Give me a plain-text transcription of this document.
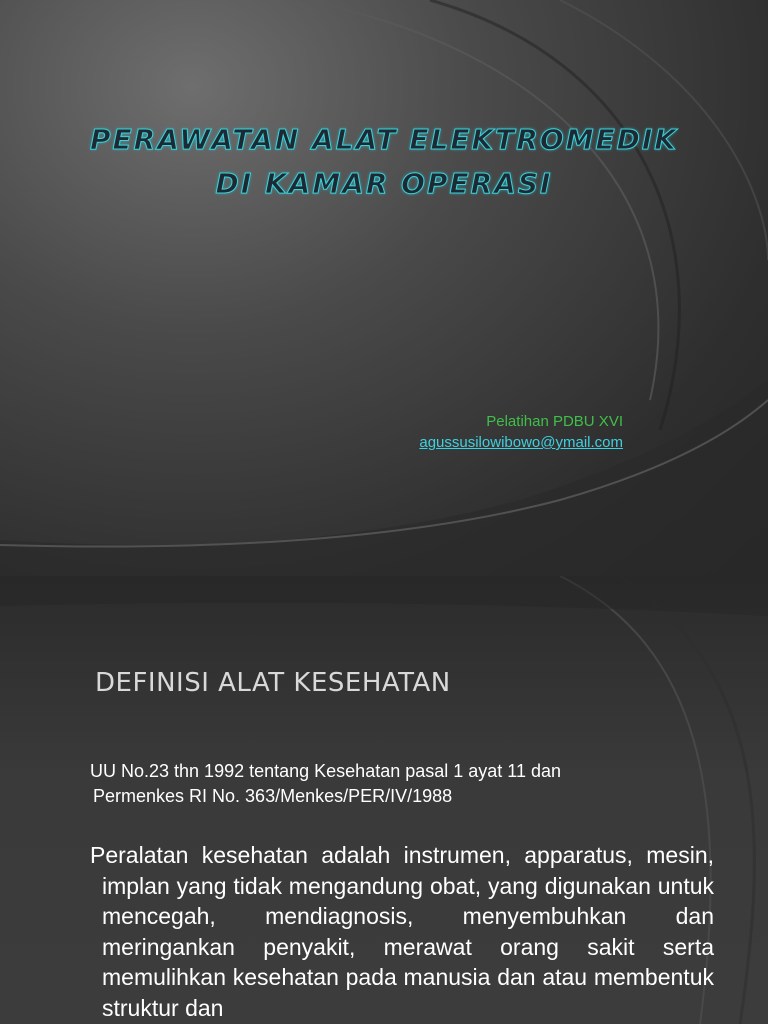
PERAWATAN ALAT ELEKTROMEDIK
DI KAMAR OPERASI
Pelatihan PDBU XVI
agussusilowibowo@ymail.com
DEFINISI ALAT KESEHATAN
UU No.23 thn 1992 tentang Kesehatan pasal 1 ayat 11 dan
Permenkes RI No. 363/Menkes/PER/IV/1988

Peralatan kesehatan adalah instrumen, apparatus, mesin, implan yang tidak mengandung obat, yang digunakan untuk mencegah, mendiagnosis, menyembuhkan dan meringankan penyakit, merawat orang sakit serta memulihkan kesehatan pada manusia dan atau membentuk struktur dan
